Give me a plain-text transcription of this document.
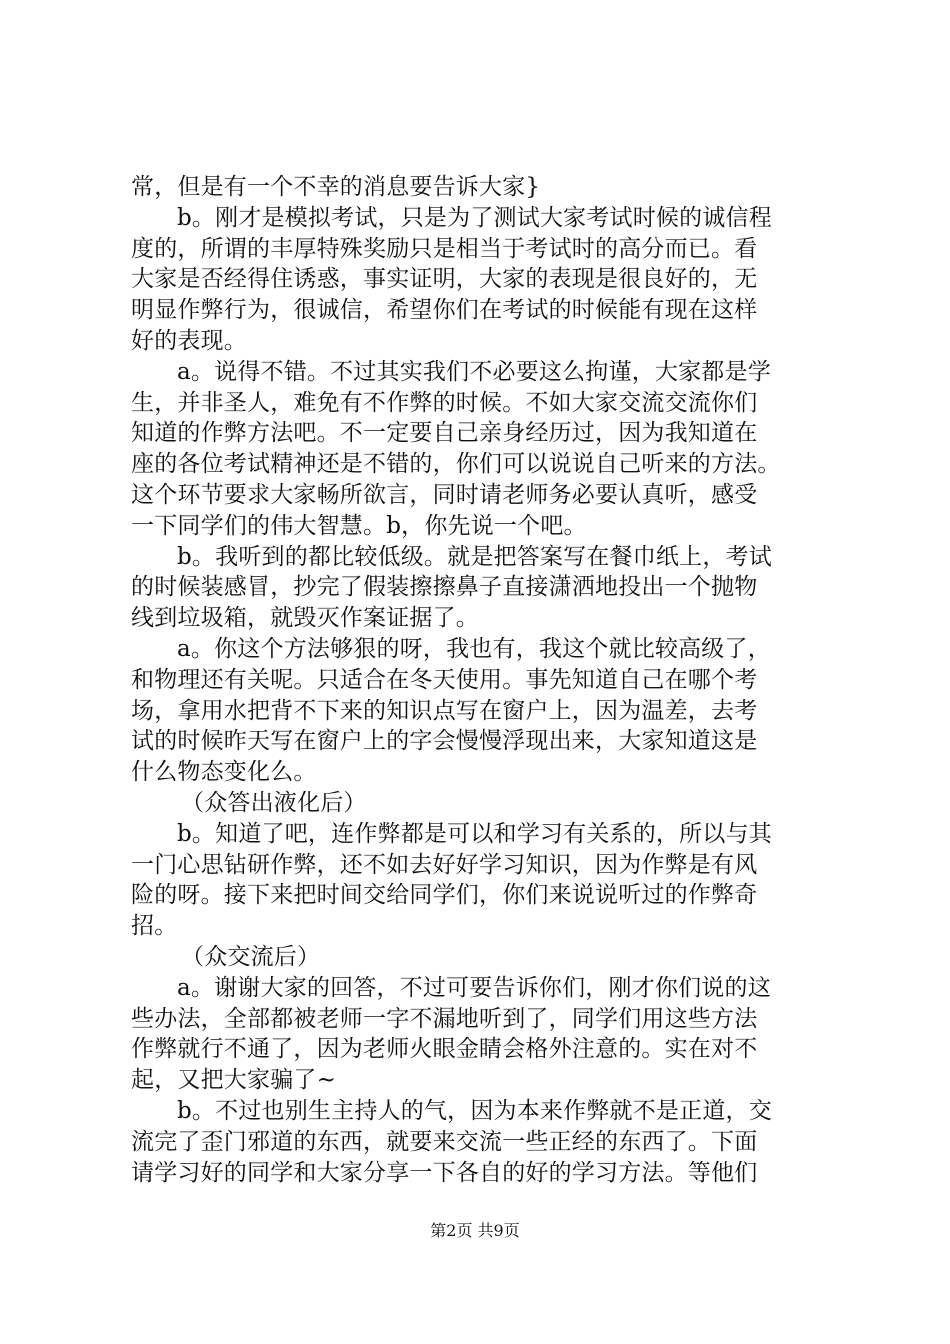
常，但是有一个不幸的消息要告诉大家}
b。刚才是模拟考试，只是为了测试大家考试时候的诚信程
度的，所谓的丰厚特殊奖励只是相当于考试时的高分而已。看
大家是否经得住诱惑，事实证明，大家的表现是很良好的，无
明显作弊行为，很诚信，希望你们在考试的时候能有现在这样
好的表现。
a。说得不错。不过其实我们不必要这么拘谨，大家都是学
生，并非圣人，难免有不作弊的时候。不如大家交流交流你们
知道的作弊方法吧。不一定要自己亲身经历过，因为我知道在
座的各位考试精神还是不错的，你们可以说说自己听来的方法。
这个环节要求大家畅所欲言，同时请老师务必要认真听，感受
一下同学们的伟大智慧。b，你先说一个吧。
b。我听到的都比较低级。就是把答案写在餐巾纸上，考试
的时候装感冒，抄完了假装擦擦鼻子直接潇洒地投出一个抛物
线到垃圾箱，就毁灭作案证据了。
a。你这个方法够狠的呀，我也有，我这个就比较高级了，
和物理还有关呢。只适合在冬天使用。事先知道自己在哪个考
场，拿用水把背不下来的知识点写在窗户上，因为温差，去考
试的时候昨天写在窗户上的字会慢慢浮现出来，大家知道这是
什么物态变化么。
（众答出液化后）
b。知道了吧，连作弊都是可以和学习有关系的，所以与其
一门心思钻研作弊，还不如去好好学习知识，因为作弊是有风
险的呀。接下来把时间交给同学们，你们来说说听过的作弊奇
招。
（众交流后）
a。谢谢大家的回答，不过可要告诉你们，刚才你们说的这
些办法，全部都被老师一字不漏地听到了，同学们用这些方法
作弊就行不通了，因为老师火眼金睛会格外注意的。实在对不
起，又把大家骗了~
b。不过也别生主持人的气，因为本来作弊就不是正道，交
流完了歪门邪道的东西，就要来交流一些正经的东西了。下面
请学习好的同学和大家分享一下各自的好的学习方法。等他们
第2页 共9页
